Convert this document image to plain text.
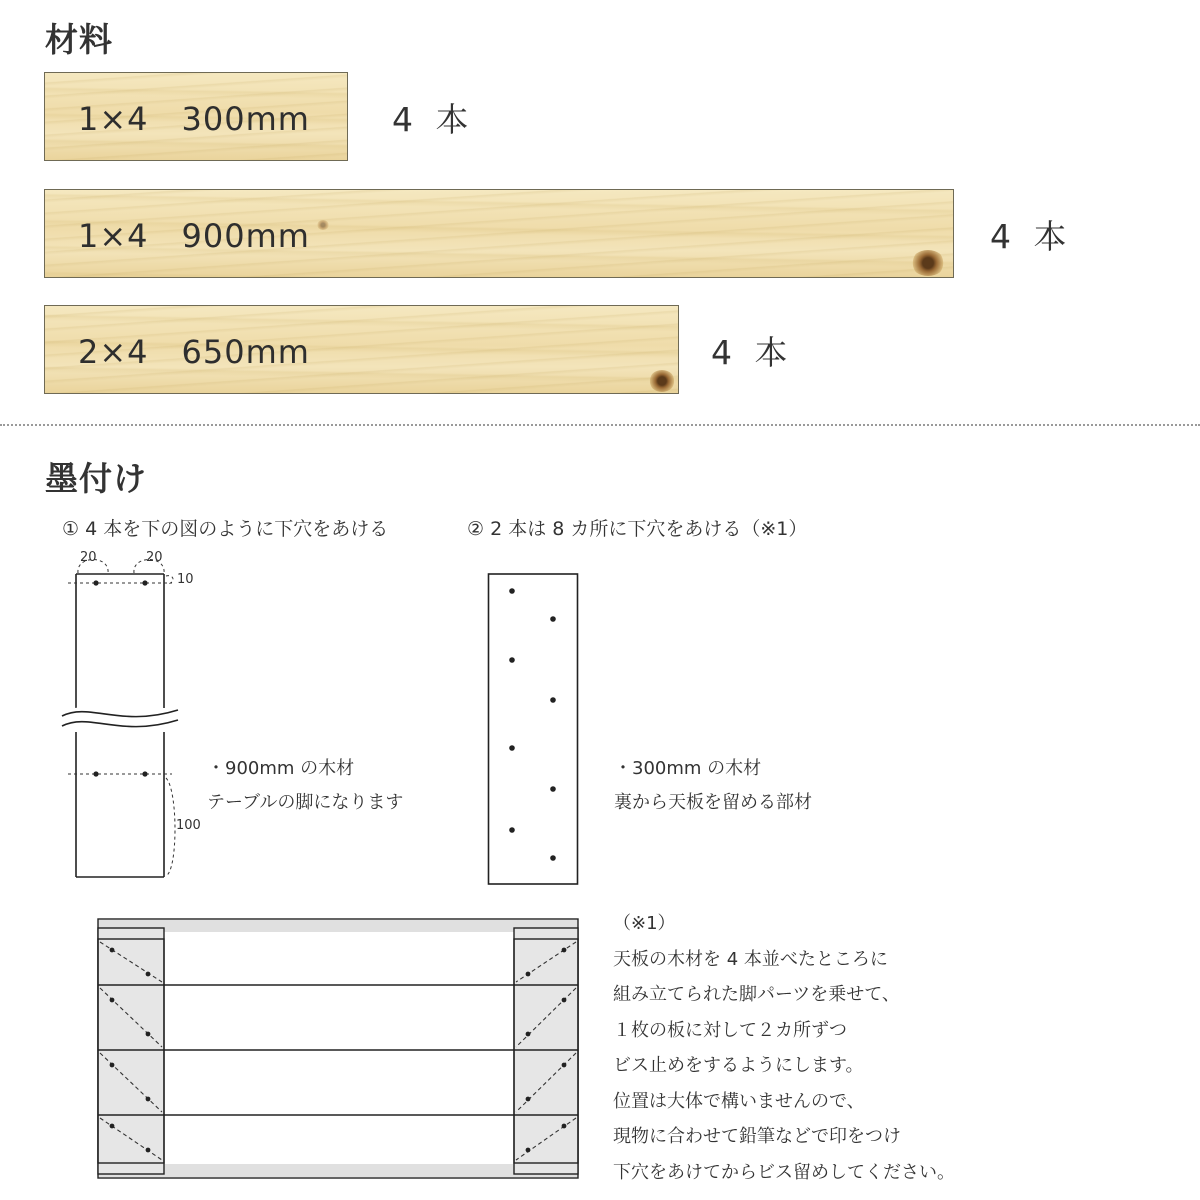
材料
1×4　300mm 4 本
1×4　900mm	4 本
2×4　650mm	4 本
墨付け
① 4 本を下の図のように下穴をあける	② 2 本は 8 カ所に下穴をあける（※1）
20	20
10
100
・900mm の木材
テーブルの脚になります
・300mm の木材
裏から天板を留める部材
（※1）
天板の木材を 4 本並べたところに
組み立てられた脚パーツを乗せて、
１枚の板に対して２カ所ずつ
ビス止めをするようにします。
位置は大体で構いませんので、
現物に合わせて鉛筆などで印をつけ
下穴をあけてからビス留めしてください。
